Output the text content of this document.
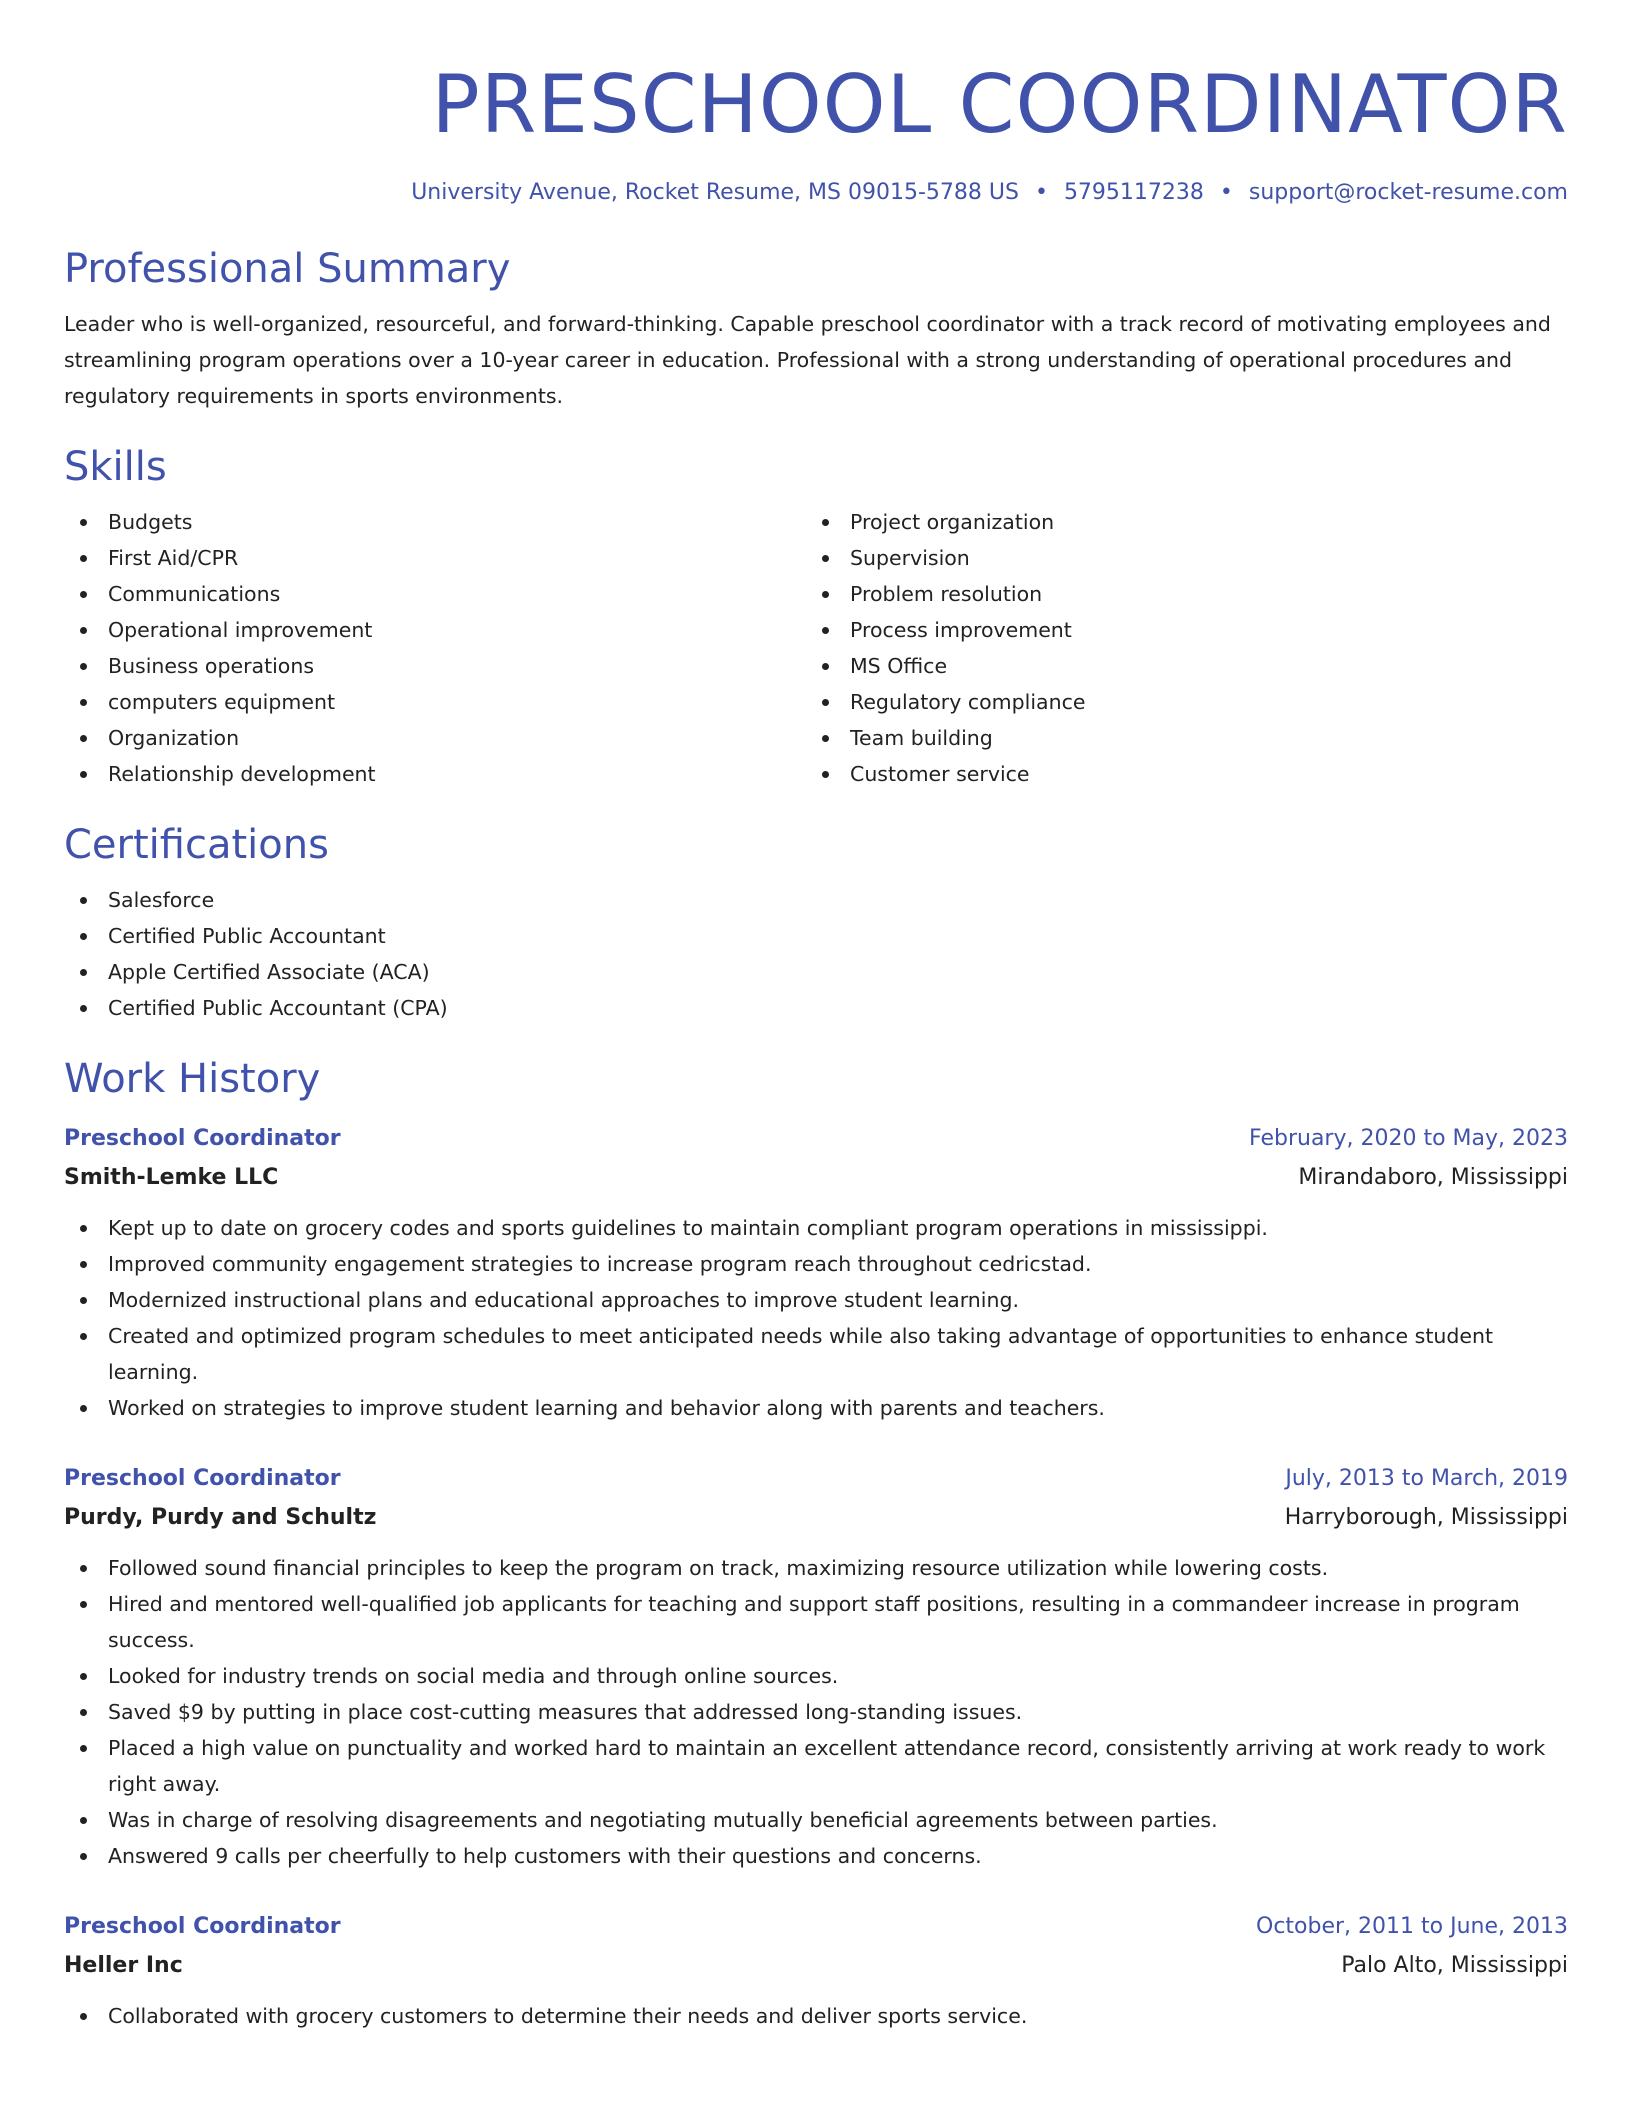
PRESCHOOL COORDINATOR
University Avenue, Rocket Resume, MS 09015-5788 US • 5795117238 • support@rocket-resume.com
Professional Summary

Leader who is well-organized, resourceful, and forward-thinking. Capable preschool coordinator with a track record of motivating employees and streamlining program operations over a 10-year career in education. Professional with a strong understanding of operational procedures and regulatory requirements in sports environments.

Skills
Budgets
First Aid/CPR
Communications
Operational improvement
Business operations
computers equipment
Organization
Relationship development
Project organization
Supervision
Problem resolution
Process improvement
MS Office
Regulatory compliance
Team building
Customer service
Certifications
Salesforce
Certified Public Accountant
Apple Certified Associate (ACA)
Certified Public Accountant (CPA)
Work History
Preschool Coordinator	February, 2020 to May, 2023
Smith-Lemke LLC	Mirandaboro, Mississippi
Kept up to date on grocery codes and sports guidelines to maintain compliant program operations in mississippi.
Improved community engagement strategies to increase program reach throughout cedricstad.
Modernized instructional plans and educational approaches to improve student learning.
Created and optimized program schedules to meet anticipated needs while also taking advantage of opportunities to enhance student learning.
Worked on strategies to improve student learning and behavior along with parents and teachers.
Preschool Coordinator	July, 2013 to March, 2019
Purdy, Purdy and Schultz	Harryborough, Mississippi
Followed sound financial principles to keep the program on track, maximizing resource utilization while lowering costs.
Hired and mentored well-qualified job applicants for teaching and support staff positions, resulting in a commandeer increase in program success.
Looked for industry trends on social media and through online sources.
Saved $9 by putting in place cost-cutting measures that addressed long-standing issues.
Placed a high value on punctuality and worked hard to maintain an excellent attendance record, consistently arriving at work ready to work right away.
Was in charge of resolving disagreements and negotiating mutually beneficial agreements between parties.
Answered 9 calls per cheerfully to help customers with their questions and concerns.
Preschool Coordinator	October, 2011 to June, 2013
Heller Inc	Palo Alto, Mississippi
Collaborated with grocery customers to determine their needs and deliver sports service.
